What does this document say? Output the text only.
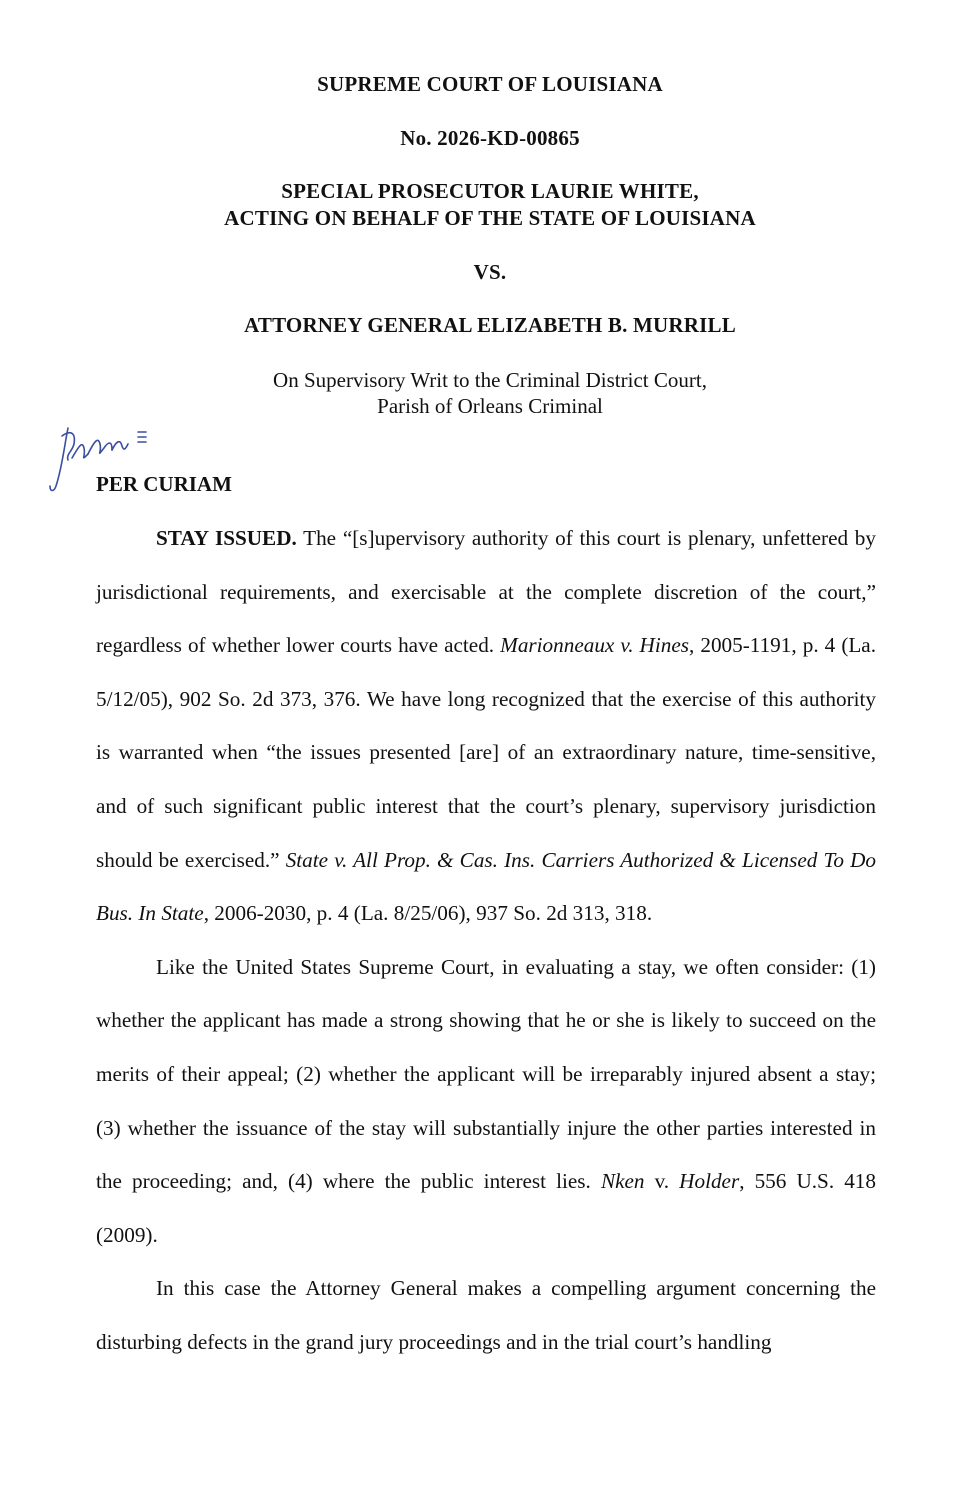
SUPREME COURT OF LOUISIANA
No. 2026-KD-00865
SPECIAL PROSECUTOR LAURIE WHITE,
ACTING ON BEHALF OF THE STATE OF LOUISIANA
VS.
ATTORNEY GENERAL ELIZABETH B. MURRILL
On Supervisory Writ to the Criminal District Court,
Parish of Orleans Criminal
PER CURIAM

STAY ISSUED. The “[s]upervisory authority of this court is plenary, unfettered by jurisdictional requirements, and exercisable at the complete discretion of the court,” regardless of whether lower courts have acted. Marionneaux v. Hines, 2005-1191, p. 4 (La. 5/12/05), 902 So. 2d 373, 376. We have long recognized that the exercise of this authority is warranted when “the issues presented [are] of an extraordinary nature, time-sensitive, and of such significant public interest that the court’s plenary, supervisory jurisdiction should be exercised.” State v. All Prop. & Cas. Ins. Carriers Authorized & Licensed To Do Bus. In State, 2006-2030, p. 4 (La. 8/25/06), 937 So. 2d 313, 318.

Like the United States Supreme Court, in evaluating a stay, we often consider: (1) whether the applicant has made a strong showing that he or she is likely to succeed on the merits of their appeal; (2) whether the applicant will be irreparably injured absent a stay; (3) whether the issuance of the stay will substantially injure the other parties interested in the proceeding; and, (4) where the public interest lies. Nken v. Holder, 556 U.S. 418 (2009).

In this case the Attorney General makes a compelling argument concerning the disturbing defects in the grand jury proceedings and in the trial court’s handling
